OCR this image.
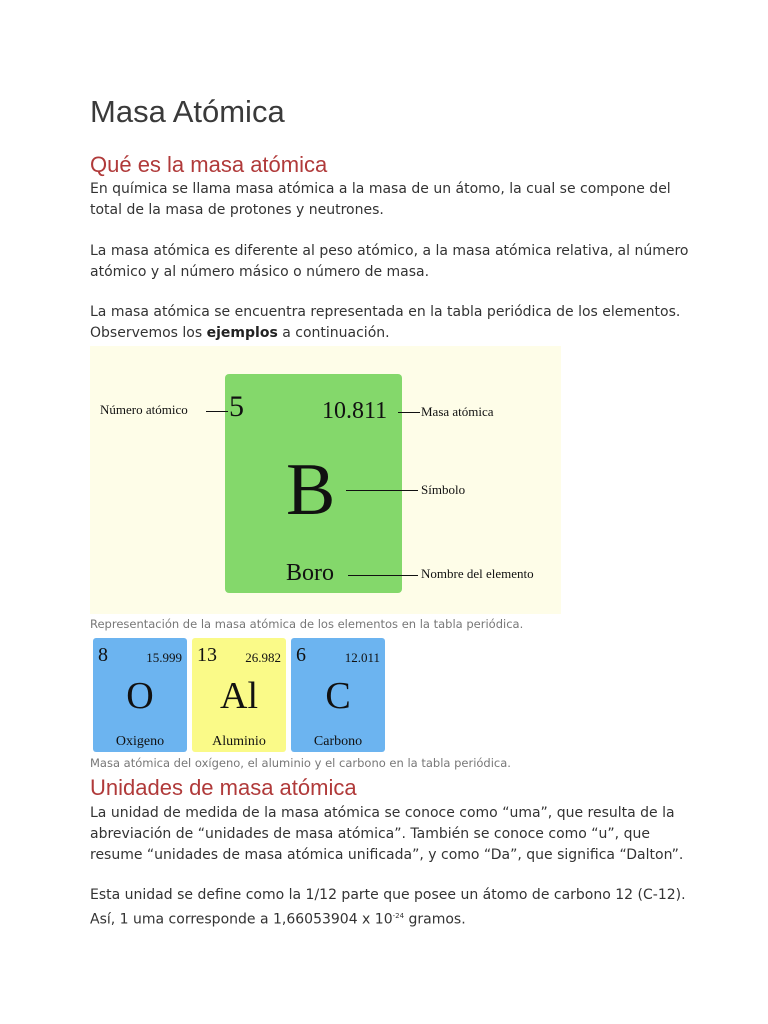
Masa Atómica
Qué es la masa atómica

En química se llama masa atómica a la masa de un átomo, la cual se compone del total de la masa de protones y neutrones.

La masa atómica es diferente al peso atómico, a la masa atómica relativa, al número atómico y al número másico o número de masa.

La masa atómica se encuentra representada en la tabla periódica de los elementos. Observemos los ejemplos a continuación.

Número atómico 5	10.811	Masa atómica
B	Símbolo
Boro	Nombre del elemento
Representación de la masa atómica de los elementos en la tabla periódica.
8	15.999
O
Oxigeno
13 26.982
Al
Aluminio
6	12.011
C
Carbono
Masa atómica del oxígeno, el aluminio y el carbono en la tabla periódica.
Unidades de masa atómica

La unidad de medida de la masa atómica se conoce como “uma”, que resulta de la abreviación de “unidades de masa atómica”. También se conoce como “u”, que resume “unidades de masa atómica unificada”, y como “Da”, que significa “Dalton”.

Esta unidad se define como la 1/12 parte que posee un átomo de carbono 12 (C-12). Así, 1 uma corresponde a 1,66053904 x $10^{-24}$ gramos.
